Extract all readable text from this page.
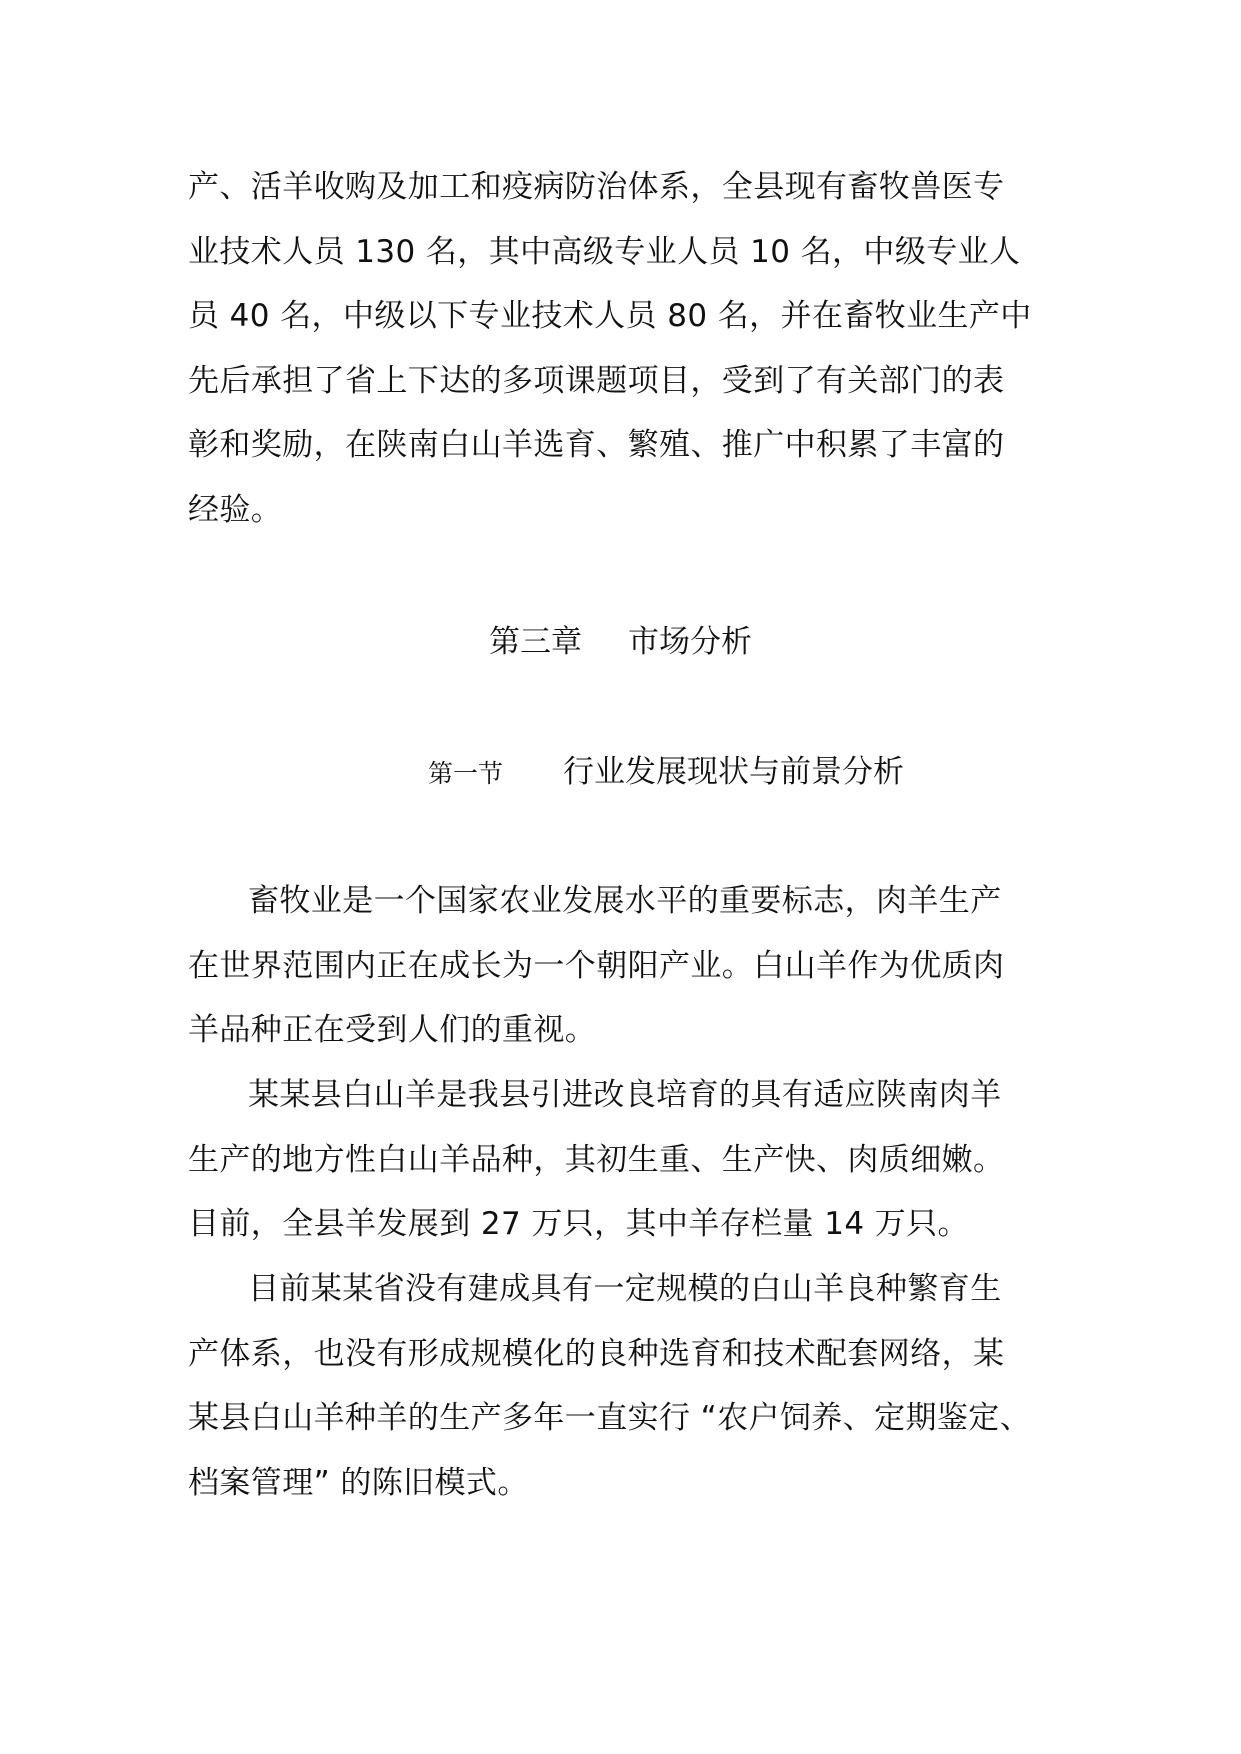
产、活羊收购及加工和疫病防治体系，全县现有畜牧兽医专
业技术人员 130 名，其中高级专业人员 10 名，中级专业人
员 40 名，中级以下专业技术人员 80 名，并在畜牧业生产中
先后承担了省上下达的多项课题项目，受到了有关部门的表
彰和奖励，在陕南白山羊选育、繁殖、推广中积累了丰富的
经验。
第三章 市场分析
第一节 行业发展现状与前景分析
畜牧业是一个国家农业发展水平的重要标志，肉羊生产
在世界范围内正在成长为一个朝阳产业。白山羊作为优质肉
羊品种正在受到人们的重视。
某某县白山羊是我县引进改良培育的具有适应陕南肉羊
生产的地方性白山羊品种，其初生重、生产快、肉质细嫩。
目前，全县羊发展到 27 万只，其中羊存栏量 14 万只。
目前某某省没有建成具有一定规模的白山羊良种繁育生
产体系，也没有形成规模化的良种选育和技术配套网络，某
某县白山羊种羊的生产多年一直实行 “农户饲养、定期鉴定、
档案管理” 的陈旧模式。
